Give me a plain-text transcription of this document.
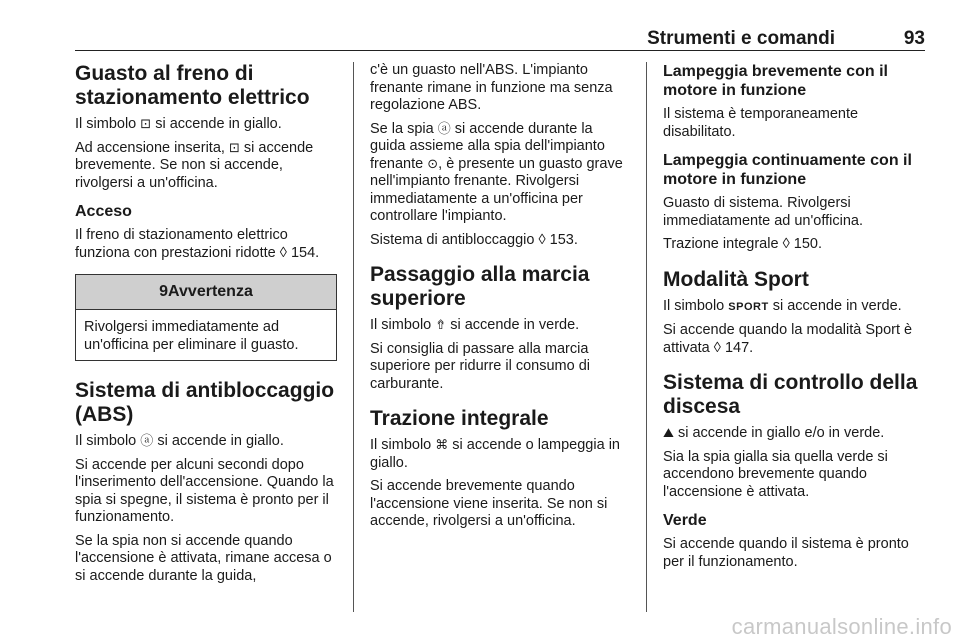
Strumenti e comandi	93
Guasto al freno di stazionamento elettrico

Il simbolo ⊡ si accende in giallo.

Ad accensione inserita, ⊡ si accende brevemente. Se non si accende, rivolgersi a un'officina.

Acceso

Il freno di stazionamento elettrico funziona con prestazioni ridotte ◊ 154.

9Avvertenza

Rivolgersi immediatamente ad un'officina per eliminare il guasto.

Sistema di antibloccaggio (ABS)

Il simbolo ⓐ si accende in giallo.

Si accende per alcuni secondi dopo l'inserimento dell'accensione. Quando la spia si spegne, il sistema è pronto per il funzionamento.

Se la spia non si accende quando l'accensione è attivata, rimane accesa o si accende durante la guida,

c'è un guasto nell'ABS. L'impianto frenante rimane in funzione ma senza regolazione ABS.

Se la spia ⓐ si accende durante la guida assieme alla spia dell'impianto frenante ⊙, è presente un guasto grave nell'impianto frenante. Rivolgersi immediatamente a un'officina per controllare l'impianto.

Sistema di antibloccaggio ◊ 153.

Passaggio alla marcia superiore

Il simbolo ⇮ si accende in verde.

Si consiglia di passare alla marcia superiore per ridurre il consumo di carburante.

Trazione integrale

Il simbolo ⌘ si accende o lampeggia in giallo.

Si accende brevemente quando l'accensione viene inserita. Se non si accende, rivolgersi a un'officina.

Lampeggia brevemente con il motore in funzione

Il sistema è temporaneamente disabilitato.

Lampeggia continuamente con il motore in funzione

Guasto di sistema. Rivolgersi immediatamente ad un'officina.

Trazione integrale ◊ 150.

Modalità Sport

Il simbolo SPORT si accende in verde.

Si accende quando la modalità Sport è attivata ◊ 147.

Sistema di controllo della discesa

⛰ si accende in giallo e/o in verde.

Sia la spia gialla sia quella verde si accendono brevemente quando l'accensione è attivata.

Verde

Si accende quando il sistema è pronto per il funzionamento.

carmanualsonline.info
